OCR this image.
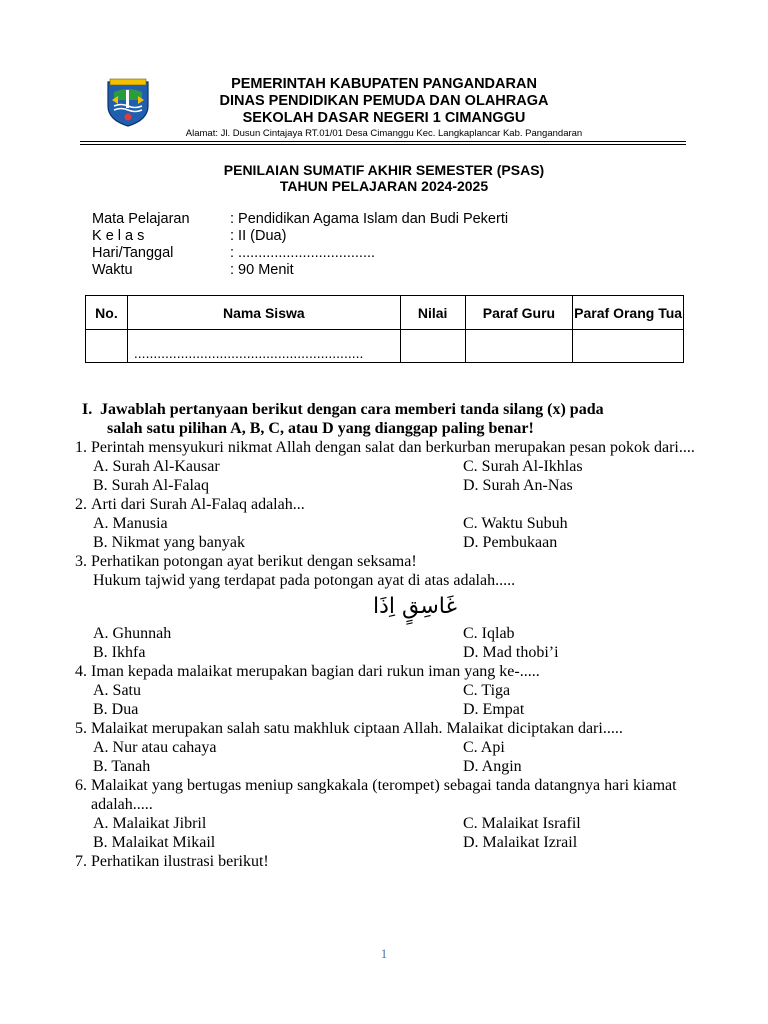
PEMERINTAH KABUPATEN PANGANDARAN
DINAS PENDIDIKAN PEMUDA DAN OLAHRAGA
SEKOLAH DASAR NEGERI 1 CIMANGGU
Alamat: Jl. Dusun Cintajaya RT.01/01 Desa Cimanggu Kec. Langkaplancar Kab. Pangandaran
PENILAIAN SUMATIF AKHIR SEMESTER (PSAS)
TAHUN PELAJARAN 2024-2025
Mata Pelajaran	: Pendidikan Agama Islam dan Budi Pekerti
K e l a s	: II (Dua)
Hari/Tanggal	: ..................................
Waktu	: 90 Menit
No.	Nama Siswa	Nilai	Paraf Guru	Paraf Orang Tua
	...........................................................			
I. Jawablah pertanyaan berikut dengan cara memberi tanda silang (x) pada
salah satu pilihan A, B, C, atau D yang dianggap paling benar!
1. Perintah mensyukuri nikmat Allah dengan salat dan berkurban merupakan pesan pokok dari....
A. Surah Al-Kausar	C. Surah Al-Ikhlas
B. Surah Al-Falaq	D. Surah An-Nas
2. Arti dari Surah Al-Falaq adalah...
A. Manusia	C. Waktu Subuh
B. Nikmat yang banyak	D. Pembukaan
3. Perhatikan potongan ayat berikut dengan seksama!
Hukum tajwid yang terdapat pada potongan ayat di atas adalah.....
غَاسِقٍ اِذَا
A. Ghunnah	C. Iqlab
B. Ikhfa	D. Mad thobi’i
4. Iman kepada malaikat merupakan bagian dari rukun iman yang ke-.....
A. Satu	C. Tiga
B. Dua	D. Empat
5. Malaikat merupakan salah satu makhluk ciptaan Allah. Malaikat diciptakan dari.....
A. Nur atau cahaya	C. Api
B. Tanah	D. Angin
6. Malaikat yang bertugas meniup sangkakala (terompet) sebagai tanda datangnya hari kiamat adalah.....
A. Malaikat Jibril	C. Malaikat Israfil
B. Malaikat Mikail	D. Malaikat Izrail
7. Perhatikan ilustrasi berikut!
1
